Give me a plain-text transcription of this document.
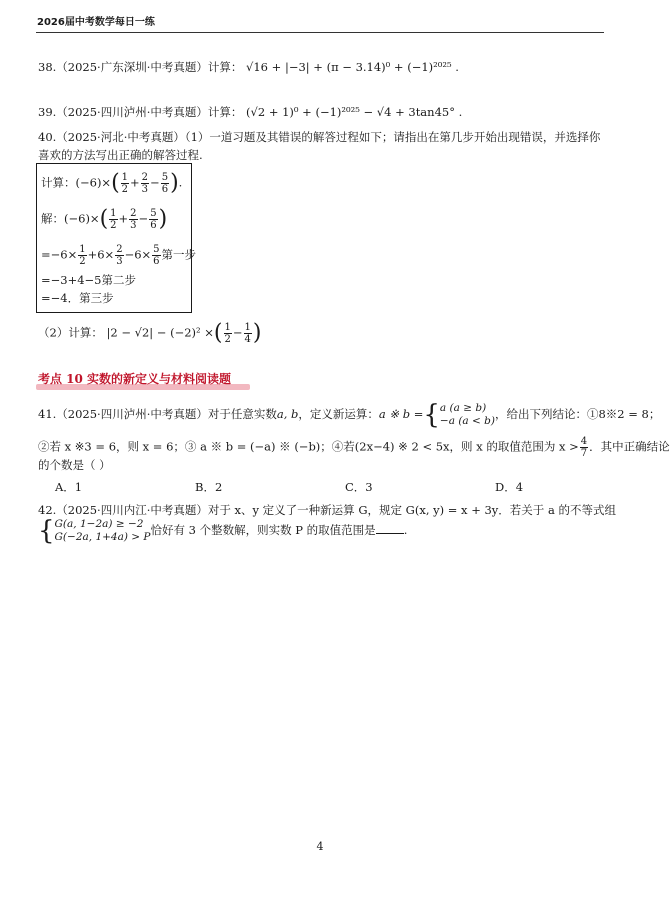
2026届中考数学每日一练
38.（2025·广东深圳·中考真题）计算： √16 + |−3| + (π − 3.14)⁰ + (−1)²⁰²⁵ .
39.（2025·四川泸州·中考真题）计算： (√2 + 1)⁰ + (−1)²⁰²⁵ − √4 + 3tan45° .
40.（2025·河北·中考真题）（1）一道习题及其错误的解答过程如下；请指出在第几步开始出现错误，并选择你
喜欢的方法写出正确的解答过程.
计算：$(-6)\times( \frac{1}{2} + \frac{2}{3} - \frac{5}{6}$ ).
解：$(-6)\times( \frac{1}{2} + \frac{2}{3} - \frac{5}{6}$ )
$=-6\times \frac{1}{2} +6\times \frac{2}{3} -6\times \frac{5}{6}$ 第一步
=−3+4−5第二步
=−4．第三步
（2）计算： |2 − √2| − (−2)² ×( $\frac{1}{2} - \frac{1}{4}$ )
考点 10 实数的新定义与材料阅读题
41.（2025·四川泸州·中考真题）对于任意实数a, b，定义新运算：a ※ b ={ a (a ≥ b)
−a (a < b) ，给出下列结论：①8※2 = 8；
②若 x ※3 = 6，则 x = 6；③ a ※ b = (−a) ※ (−b)；④若(2x−4) ※ 2 < 5x，则 x 的取值范围为 $x > \frac{4}{7}$ ．其中正确结论
的个数是（ ）
A．1	B．2	C．3	D．4
42.（2025·四川内江·中考真题）对于 x、y 定义了一种新运算 G，规定 G(x, y) = x + 3y．若关于 a 的不等式组
{ G(a, 1−2a) ≥ −2
G(−2a, 1+4a) > P 恰好有 3 个整数解，则实数 P 的取值范围是 .
4
